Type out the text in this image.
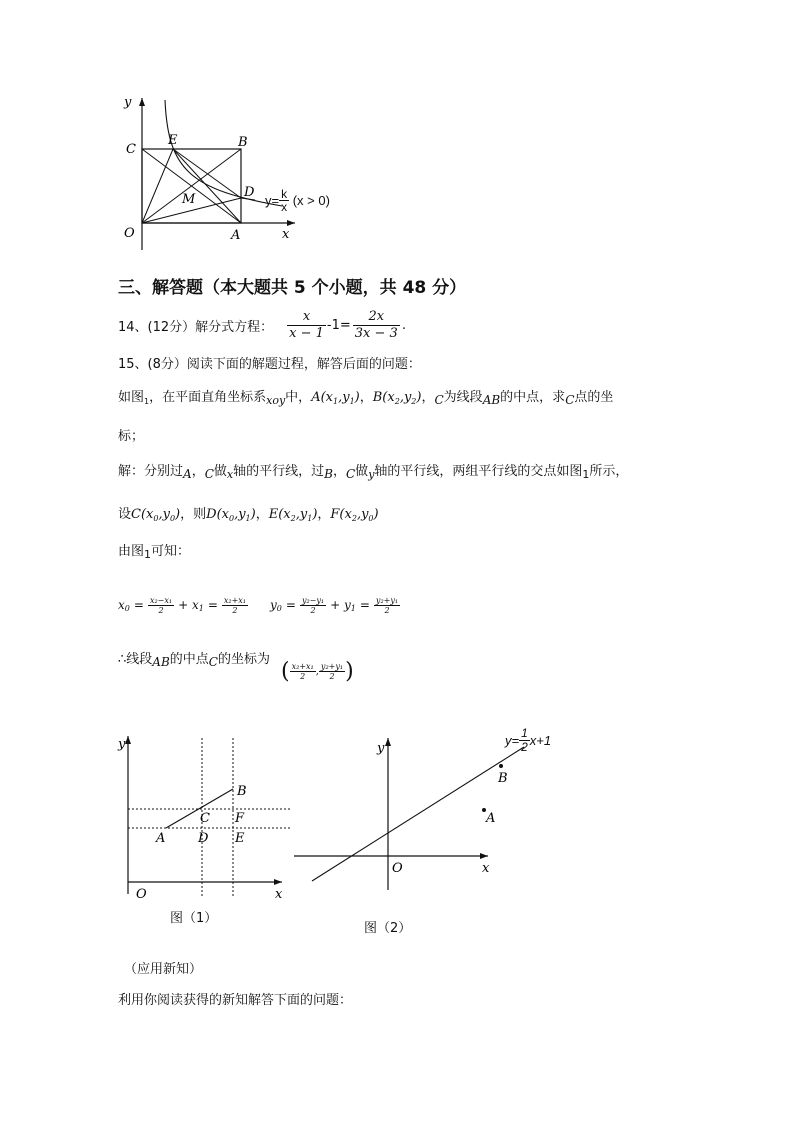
y
x
O
C
E	B
D
M
A
$y= \frac{k}{x} (x > 0)$
三、解答题（本大题共 5 个小题，共 48 分）
14、(12分）解分式方程： $\frac{x}{x - 1} -1= \frac{2x}{3x - 3}$ .
15、(8分）阅读下面的解题过程，解答后面的问题：
如图$_1$，在平面直角坐标系$_{xoy}$中，$A(x_1,y_1)$，$B(x_2,y_2)$，C为线段AB的中点，求C点的坐
标；
解：分别过A，C做$_x$轴的平行线，过B，C做$_y$轴的平行线，两组平行线的交点如图$_1$所示，
设$C(x_0,y_0)$，则$D(x_0,y_1)$，$E(x_2,y_1)$，$F(x_2,y_0)$
由图$_1$可知：
x $0 = \frac{\text{x₂−x₁}}{2} + x$ $1 = \frac{\text{x₂+x₁}}{2}$ y $0 = \frac{\text{y₂−y₁}}{2} + y$ $1 = \frac{\text{y₂+y₁}}{2}$
∴线段AB的中点C的坐标为 ( $\frac{\text{x₂+x₁}}{2}$ , $\frac{\text{y₂+y₁}}{2}$ )
y
x
O
A
B
C
D E
F
图（1）
y
x
O
B
A
$y= \frac{1}{2} x+1$
图（2）
（应用新知）
利用你阅读获得的新知解答下面的问题：
